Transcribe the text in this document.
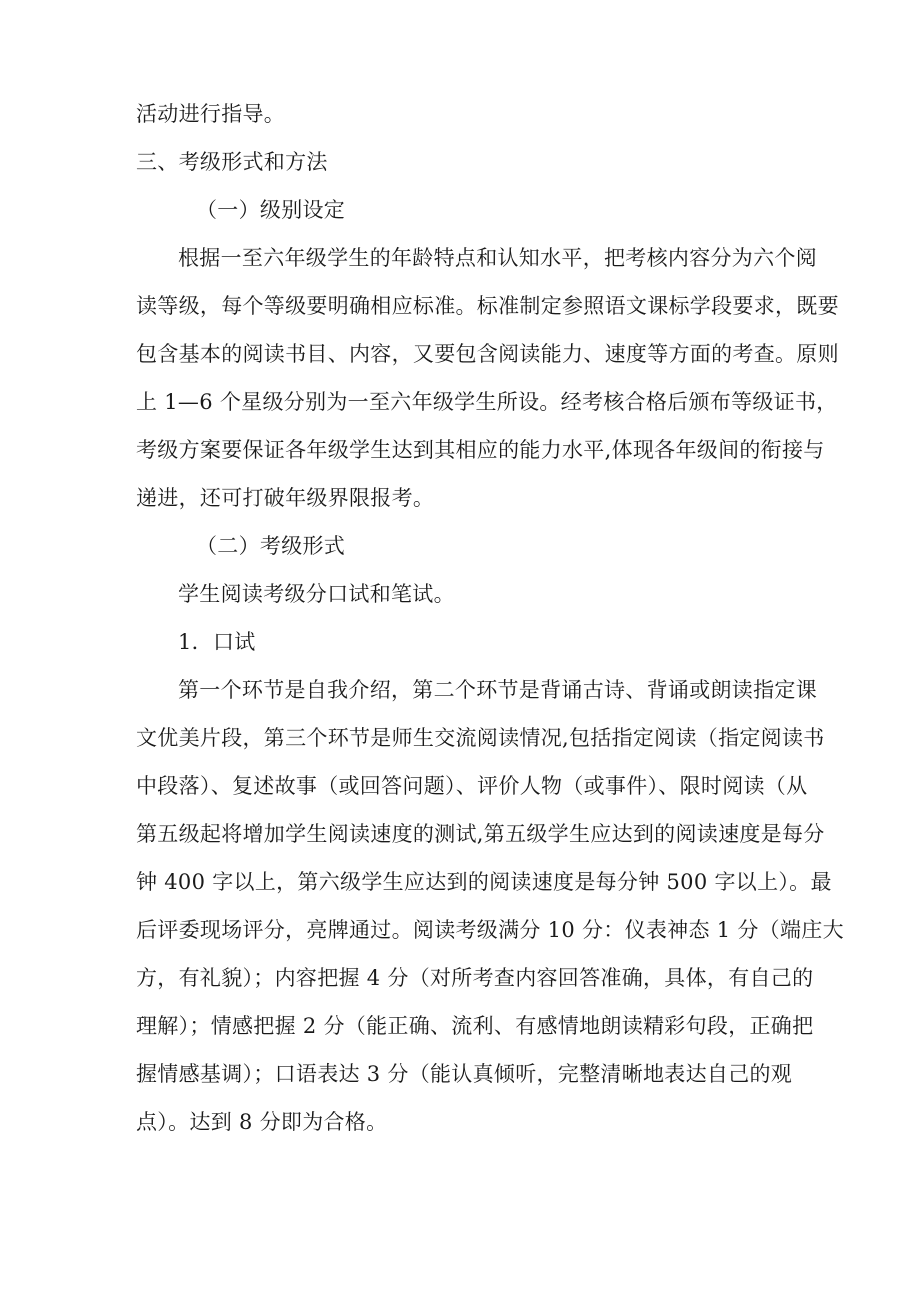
活动进行指导。
三、考级形式和方法
（一）级别设定
根据一至六年级学生的年龄特点和认知水平，把考核内容分为六个阅
读等级，每个等级要明确相应标准。标准制定参照语文课标学段要求，既要
包含基本的阅读书目、内容，又要包含阅读能力、速度等方面的考查。原则
上 1—6 个星级分别为一至六年级学生所设。经考核合格后颁布等级证书，
考级方案要保证各年级学生达到其相应的能力水平,体现各年级间的衔接与
递进，还可打破年级界限报考。
（二）考级形式
学生阅读考级分口试和笔试。
1．口试
第一个环节是自我介绍，第二个环节是背诵古诗、背诵或朗读指定课
文优美片段，第三个环节是师生交流阅读情况,包括指定阅读（指定阅读书
中段落）、复述故事（或回答问题）、评价人物（或事件）、限时阅读（从
第五级起将增加学生阅读速度的测试,第五级学生应达到的阅读速度是每分
钟 400 字以上，第六级学生应达到的阅读速度是每分钟 500 字以上）。最
后评委现场评分，亮牌通过。阅读考级满分 10 分：仪表神态 1 分（端庄大
方，有礼貌）；内容把握 4 分（对所考查内容回答准确，具体，有自己的
理解）；情感把握 2 分（能正确、流利、有感情地朗读精彩句段，正确把
握情感基调）；口语表达 3 分（能认真倾听，完整清晰地表达自己的观
点）。达到 8 分即为合格。
